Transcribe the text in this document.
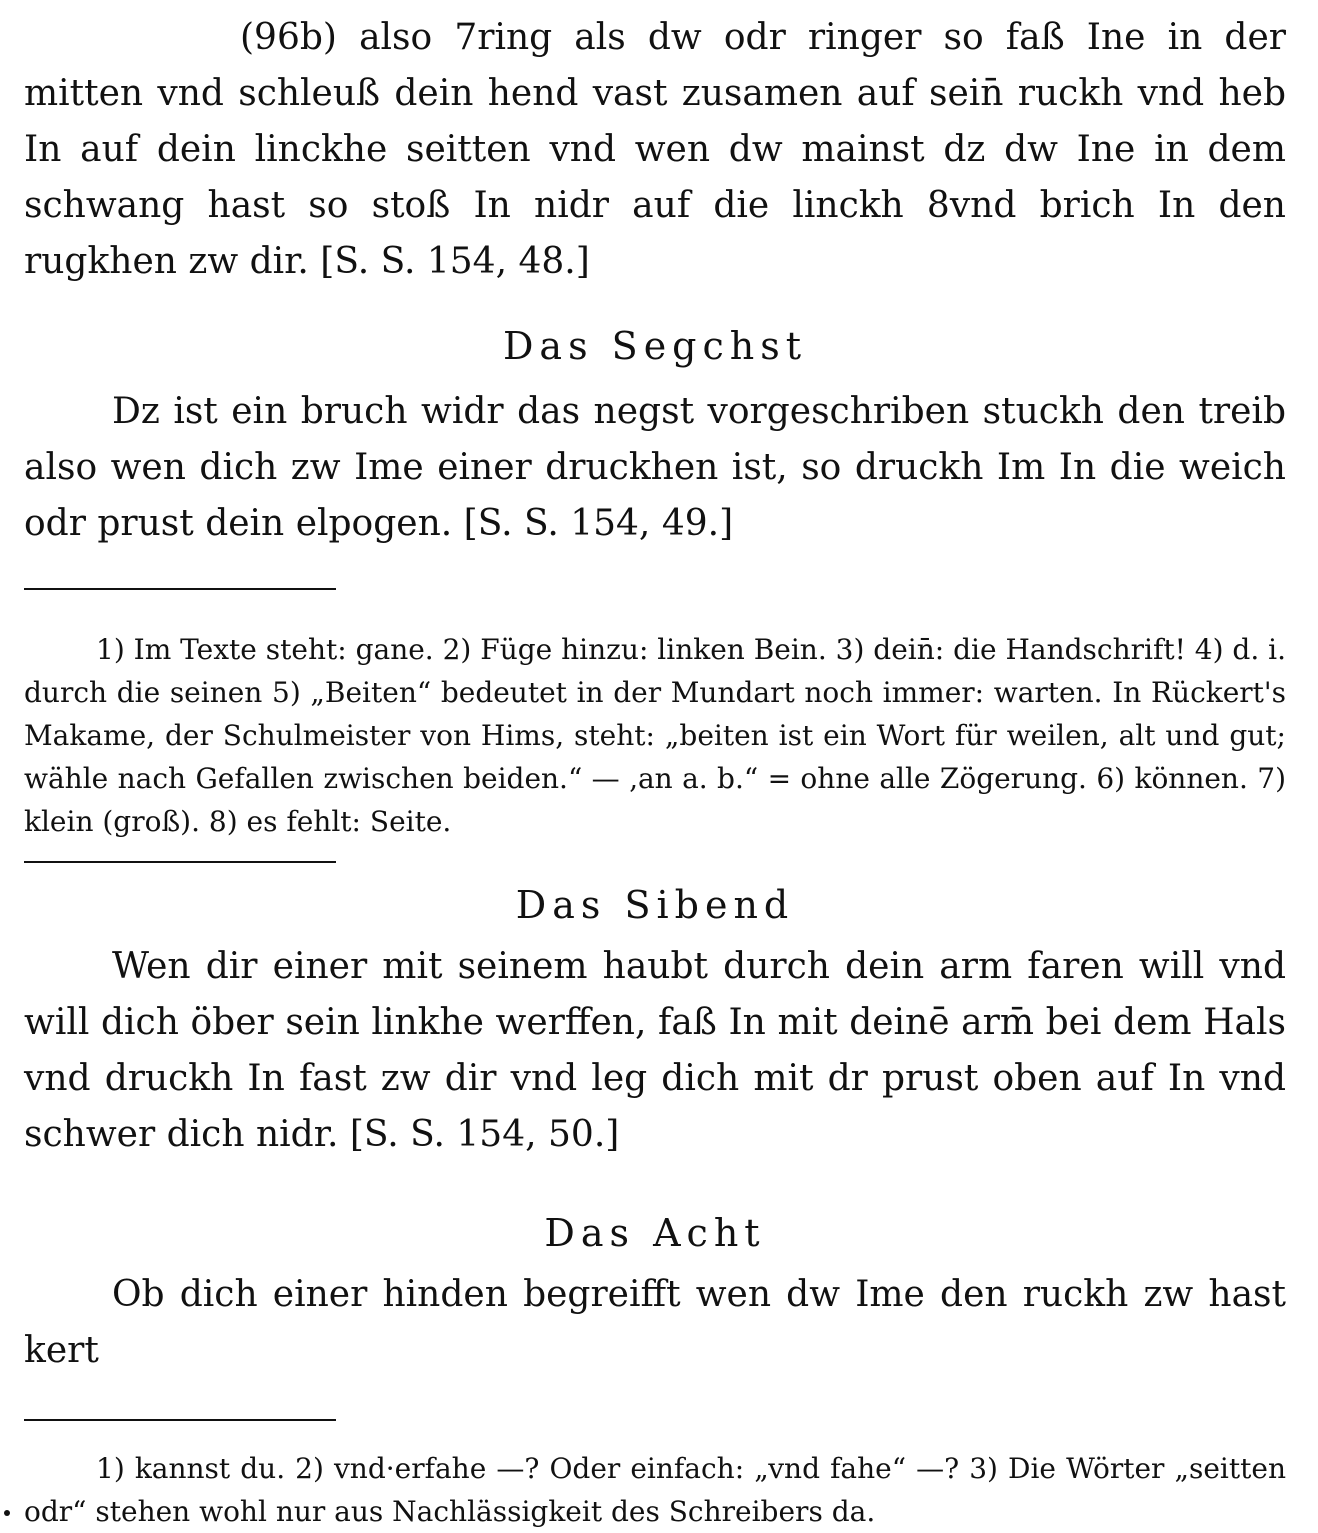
(96b) also 7ring als dw odr ringer so faß Ine in der mitten vnd schleuß dein hend vast zusamen auf sein̄ ruckh vnd heb In auf dein linckhe seitten vnd wen dw mainst dz dw Ine in dem schwang hast so stoß In nidr auf die linckh 8vnd brich In den rugkhen zw dir. [S. S. 154, 48.]

Das Segchst

Dz ist ein bruch widr das negst vorgeschriben stuckh den treib also wen dich zw Ime einer druckhen ist, so druckh Im In die weich odr prust dein elpogen. [S. S. 154, 49.]

1) Im Texte steht: gane. 2) Füge hinzu: linken Bein. 3) dein̄: die Handschrift! 4) d. i. durch die seinen 5) „Beiten“ bedeutet in der Mundart noch immer: warten. In Rückert's Makame, der Schulmeister von Hims, steht: „beiten ist ein Wort für weilen, alt und gut; wähle nach Gefallen zwischen beiden.“ — ‚an a. b.“ = ohne alle Zögerung. 6) können. 7) klein (groß). 8) es fehlt: Seite.

Das Sibend

Wen dir einer mit seinem haubt durch dein arm faren will vnd will dich öber sein linkhe werffen, faß In mit deinē arm̄ bei dem Hals vnd druckh In fast zw dir vnd leg dich mit dr prust oben auf In vnd schwer dich nidr. [S. S. 154, 50.]

Das Acht

Ob dich einer hinden begreifft wen dw Ime den ruckh zw hast kert

1) kannst du. 2) vnd·erfahe —? Oder einfach: „vnd fahe“ —? 3) Die Wörter „seitten odr“ stehen wohl nur aus Nachlässigkeit des Schreibers da.
